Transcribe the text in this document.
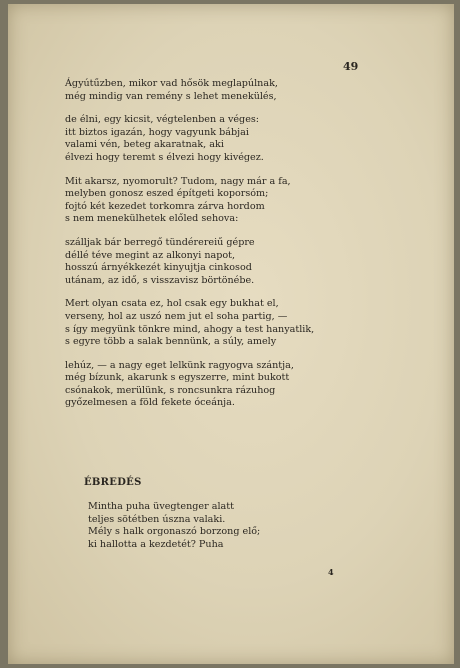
49
Ágyútűzben, mikor vad hősök meglapúlnak,
még mindig van remény s lehet menekülés,
de élni, egy kicsit, végtelenben a véges:
itt biztos igazán, hogy vagyunk bábjai
valami vén, beteg akaratnak, aki
élvezi hogy teremt s élvezi hogy kivégez.
Mit akarsz, nyomorult? Tudom, nagy már a fa,
melyben gonosz eszed építgeti koporsóm;
fojtó két kezedet torkomra zárva hordom
s nem menekülhetek előled sehova:
szálljak bár berregő tündérereiű gépre
déllé téve megint az alkonyi napot,
hosszú árnyékkezét kinyujtja cinkosod
utánam, az idő, s visszavisz börtönébe.
Mert olyan csata ez, hol csak egy bukhat el,
verseny, hol az uszó nem jut el soha partig, —
s így megyünk tönkre mind, ahogy a test hanyatlik,
s egyre több a salak bennünk, a súly, amely
lehúz, — a nagy eget lelkünk ragyogva szántja,
még bízunk, akarunk s egyszerre, mint bukott
csónakok, merülünk, s roncsunkra rázuhog
győzelmesen a föld fekete óceánja.
ÉBREDÉS
Mintha puha üvegtenger alatt
teljes sötétben úszna valaki.
Mély s halk orgonaszó borzong elő;
ki hallotta a kezdetét? Puha
4
